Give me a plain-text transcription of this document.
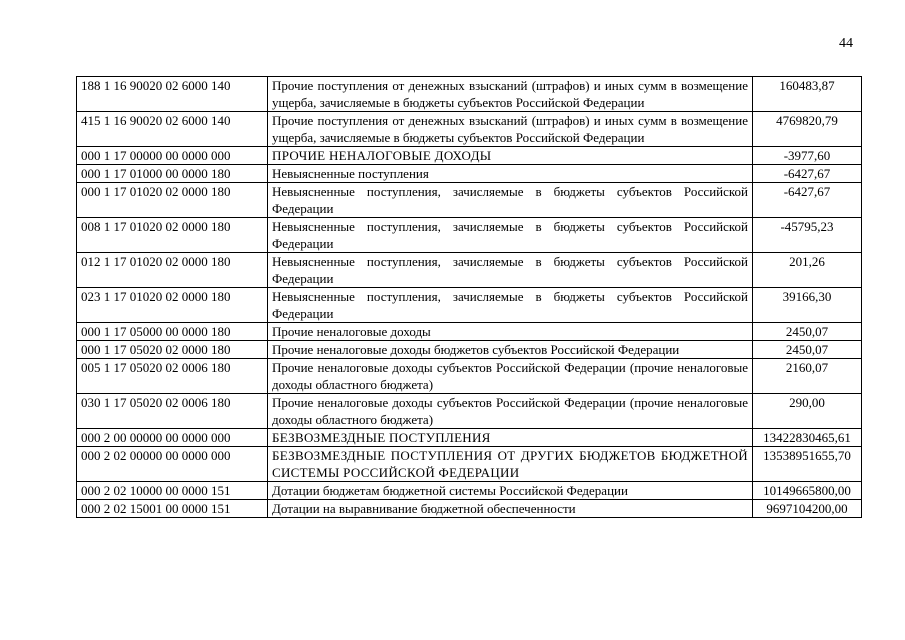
44
188 1 16 90020 02 6000 140	Прочие поступления от денежных взысканий (штрафов) и иных сумм в возмещение ущерба, зачисляемые в бюджеты субъектов Российской Федерации	160483,87
415 1 16 90020 02 6000 140	Прочие поступления от денежных взысканий (штрафов) и иных сумм в возмещение ущерба, зачисляемые в бюджеты субъектов Российской Федерации	4769820,79
000 1 17 00000 00 0000 000	ПРОЧИЕ НЕНАЛОГОВЫЕ ДОХОДЫ	-3977,60
000 1 17 01000 00 0000 180	Невыясненные поступления	-6427,67
000 1 17 01020 02 0000 180	Невыясненные поступления, зачисляемые в бюджеты субъектов Российской Федерации	-6427,67
008 1 17 01020 02 0000 180	Невыясненные поступления, зачисляемые в бюджеты субъектов Российской Федерации	-45795,23
012 1 17 01020 02 0000 180	Невыясненные поступления, зачисляемые в бюджеты субъектов Российской Федерации	201,26
023 1 17 01020 02 0000 180	Невыясненные поступления, зачисляемые в бюджеты субъектов Российской Федерации	39166,30
000 1 17 05000 00 0000 180	Прочие неналоговые доходы	2450,07
000 1 17 05020 02 0000 180	Прочие неналоговые доходы бюджетов субъектов Российской Федерации	2450,07
005 1 17 05020 02 0006 180	Прочие неналоговые доходы субъектов Российской Федерации (прочие неналоговые доходы областного бюджета)	2160,07
030 1 17 05020 02 0006 180	Прочие неналоговые доходы субъектов Российской Федерации (прочие неналоговые доходы областного бюджета)	290,00
000 2 00 00000 00 0000 000	БЕЗВОЗМЕЗДНЫЕ ПОСТУПЛЕНИЯ	13422830465,61
000 2 02 00000 00 0000 000	БЕЗВОЗМЕЗДНЫЕ ПОСТУПЛЕНИЯ ОТ ДРУГИХ БЮДЖЕТОВ БЮДЖЕТНОЙ СИСТЕМЫ РОССИЙСКОЙ ФЕДЕРАЦИИ	13538951655,70
000 2 02 10000 00 0000 151	Дотации бюджетам бюджетной системы Российской Федерации	10149665800,00
000 2 02 15001 00 0000 151	Дотации на выравнивание бюджетной обеспеченности	9697104200,00
